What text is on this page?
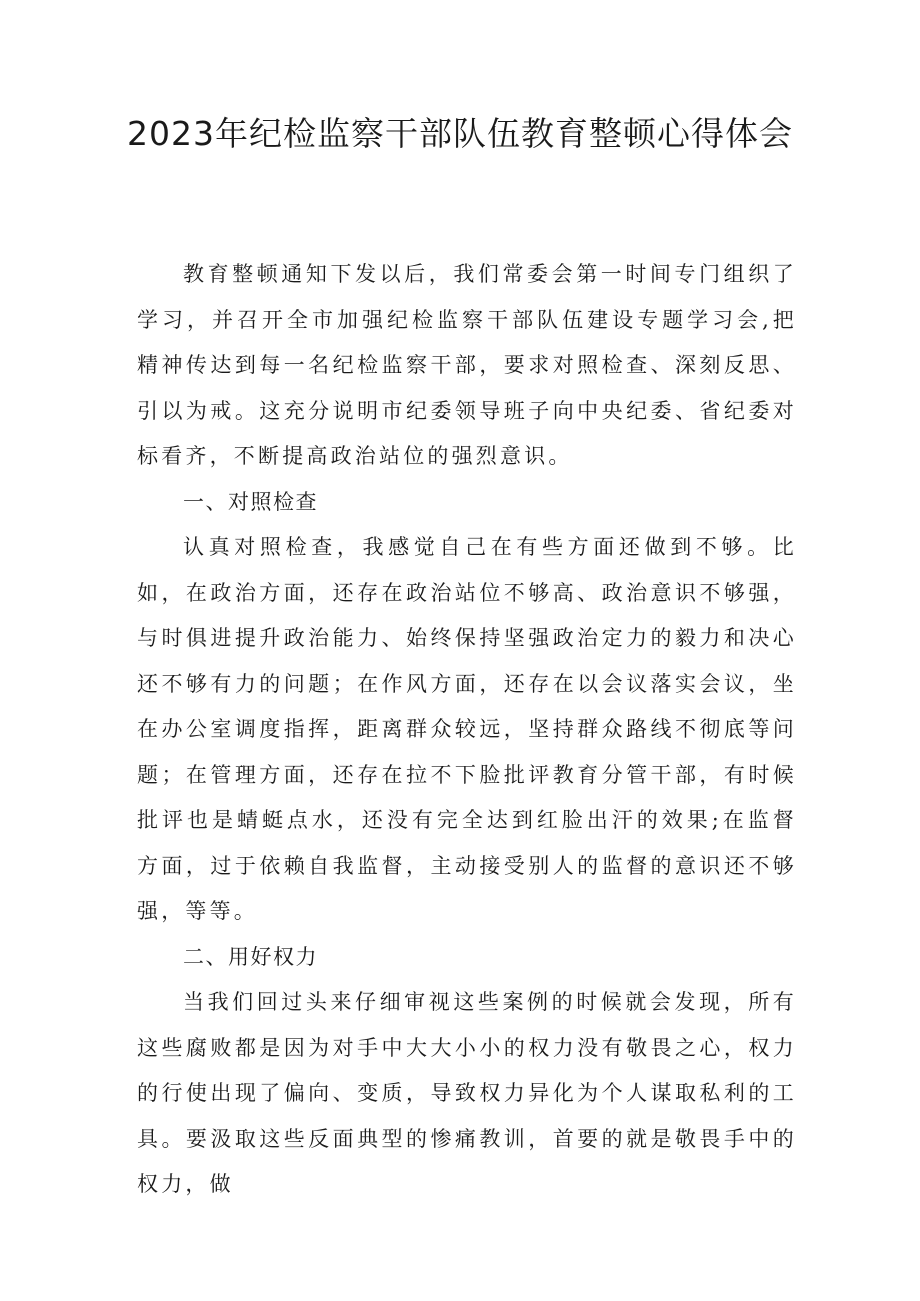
2023年纪检监察干部队伍教育整顿心得体会

教育整顿通知下发以后，我们常委会第一时间专门组织了学习，并召开全市加强纪检监察干部队伍建设专题学习会,把精神传达到每一名纪检监察干部，要求对照检查、深刻反思、引以为戒。这充分说明市纪委领导班子向中央纪委、省纪委对标看齐，不断提高政治站位的强烈意识。

一、对照检查

认真对照检查，我感觉自己在有些方面还做到不够。比如，在政治方面，还存在政治站位不够高、政治意识不够强，与时俱进提升政治能力、始终保持坚强政治定力的毅力和决心还不够有力的问题；在作风方面，还存在以会议落实会议，坐在办公室调度指挥，距离群众较远，坚持群众路线不彻底等问题；在管理方面，还存在拉不下脸批评教育分管干部，有时候批评也是蜻蜓点水，还没有完全达到红脸出汗的效果;在监督方面，过于依赖自我监督，主动接受别人的监督的意识还不够强，等等。

二、用好权力

当我们回过头来仔细审视这些案例的时候就会发现，所有这些腐败都是因为对手中大大小小的权力没有敬畏之心，权力的行使出现了偏向、变质，导致权力异化为个人谋取私利的工具。要汲取这些反面典型的惨痛教训，首要的就是敬畏手中的权力，做
